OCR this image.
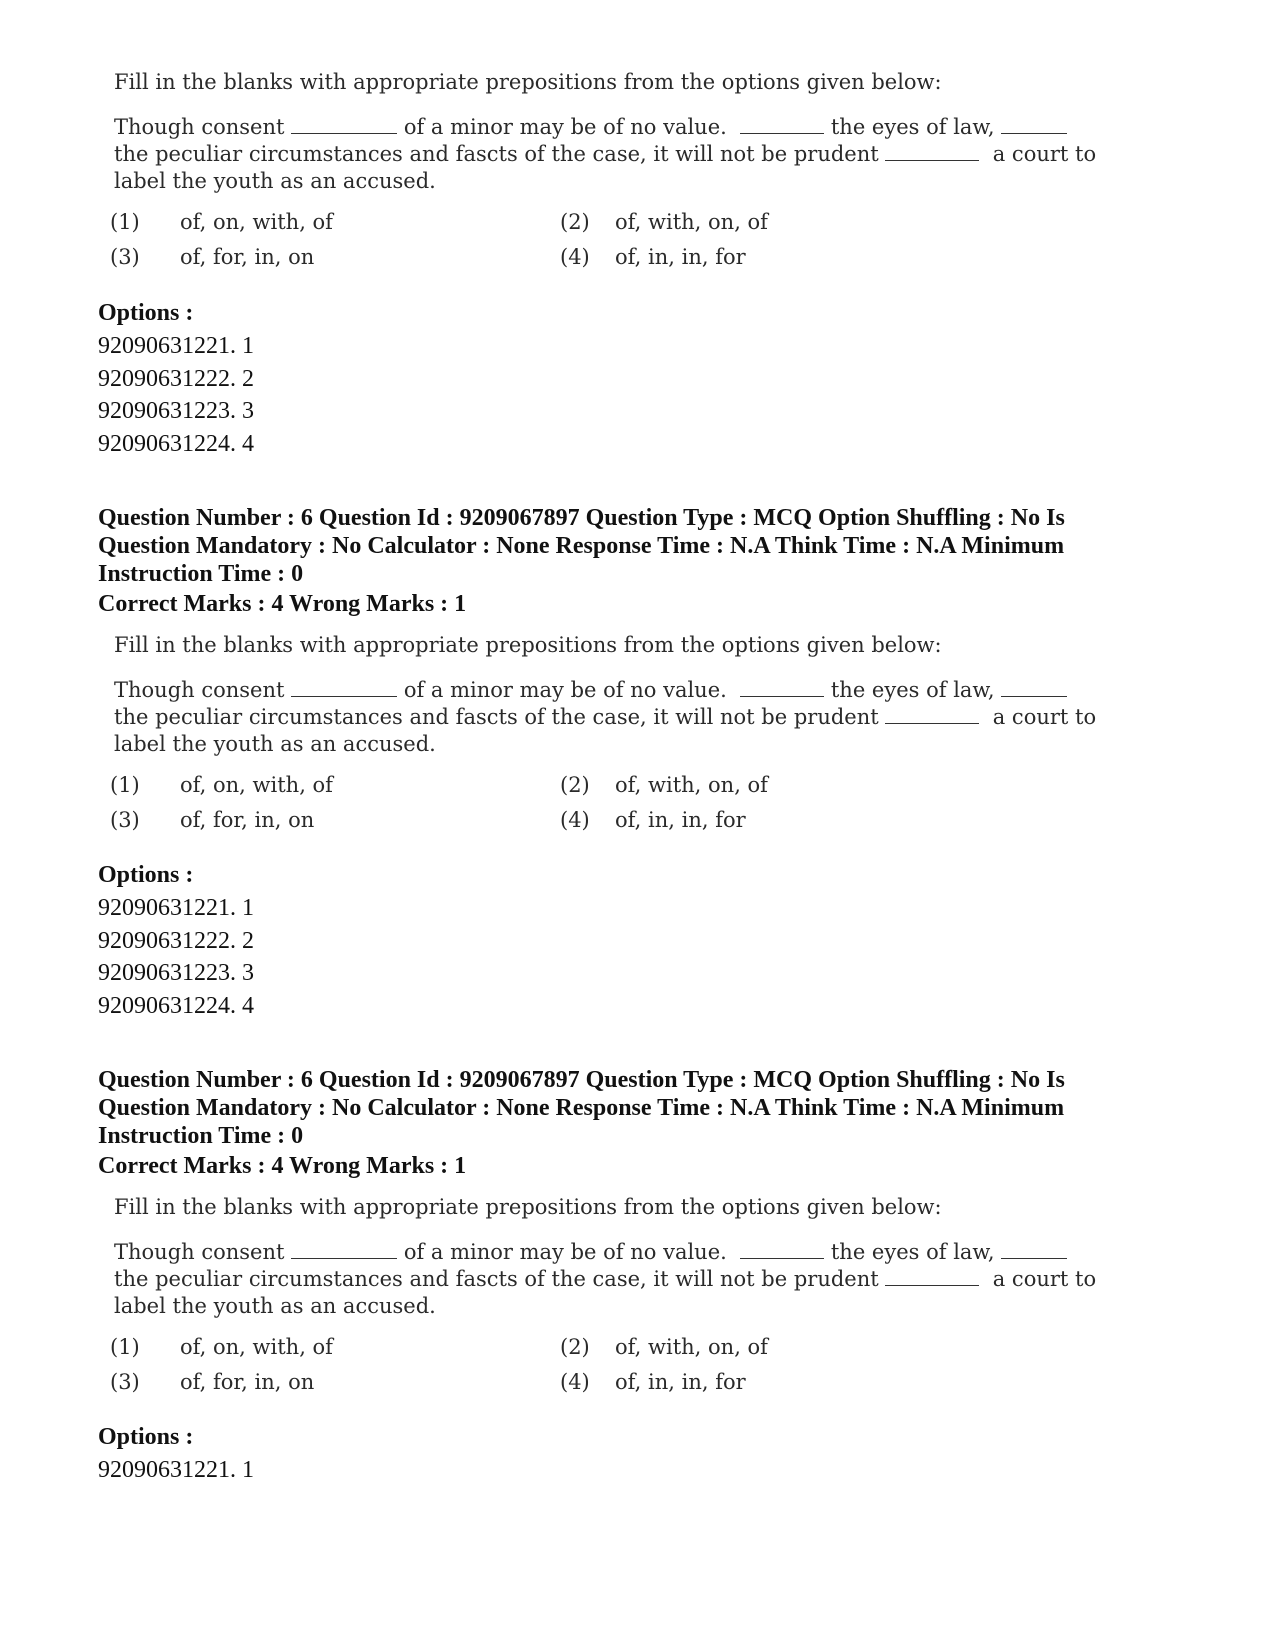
Fill in the blanks with appropriate prepositions from the options given below:
Though consent	of a minor may be of no value.	the eyes of law,
the peculiar circumstances and fascts of the case, it will not be prudent	a court to
label the youth as an accused.
(1) of, on, with, of	(2) of, with, on, of
(3) of, for, in, on	(4) of, in, in, for
Options :
92090631221. 1
92090631222. 2
92090631223. 3
92090631224. 4
Question Number : 6 Question Id : 9209067897 Question Type : MCQ Option Shuffling : No Is
Question Mandatory : No Calculator : None Response Time : N.A Think Time : N.A Minimum
Instruction Time : 0
Correct Marks : 4 Wrong Marks : 1
Fill in the blanks with appropriate prepositions from the options given below:
Though consent	of a minor may be of no value.	the eyes of law,
the peculiar circumstances and fascts of the case, it will not be prudent	a court to
label the youth as an accused.
(1) of, on, with, of	(2) of, with, on, of
(3) of, for, in, on	(4) of, in, in, for
Options :
92090631221. 1
92090631222. 2
92090631223. 3
92090631224. 4
Question Number : 6 Question Id : 9209067897 Question Type : MCQ Option Shuffling : No Is
Question Mandatory : No Calculator : None Response Time : N.A Think Time : N.A Minimum
Instruction Time : 0
Correct Marks : 4 Wrong Marks : 1
Fill in the blanks with appropriate prepositions from the options given below:
Though consent	of a minor may be of no value.	the eyes of law,
the peculiar circumstances and fascts of the case, it will not be prudent	a court to
label the youth as an accused.
(1) of, on, with, of	(2) of, with, on, of
(3) of, for, in, on	(4) of, in, in, for
Options :
92090631221. 1
